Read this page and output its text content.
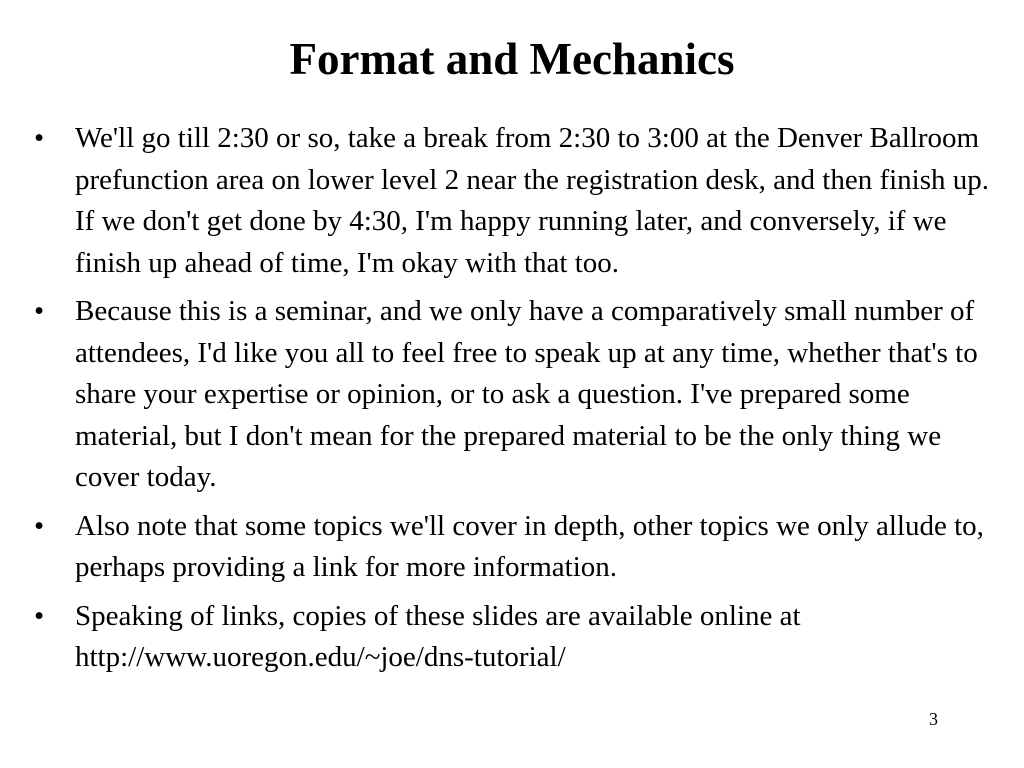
Format and Mechanics
• We'll go till 2:30 or so, take a break from 2:30 to 3:00 at the Denver Ballroom prefunction area on lower level 2 near the registration desk, and then finish up. If we don't get done by 4:30, I'm happy running later, and conversely, if we finish up ahead of time, I'm okay with that too.
• Because this is a seminar, and we only have a comparatively small number of attendees, I'd like you all to feel free to speak up at any time, whether that's to share your expertise or opinion, or to ask a question. I've prepared some material, but I don't mean for the prepared material to be the only thing we cover today.
• Also note that some topics we'll cover in depth, other topics we only allude to, perhaps providing a link for more information.
• Speaking of links, copies of these slides are available online at http://www.uoregon.edu/~joe/dns-tutorial/
3
